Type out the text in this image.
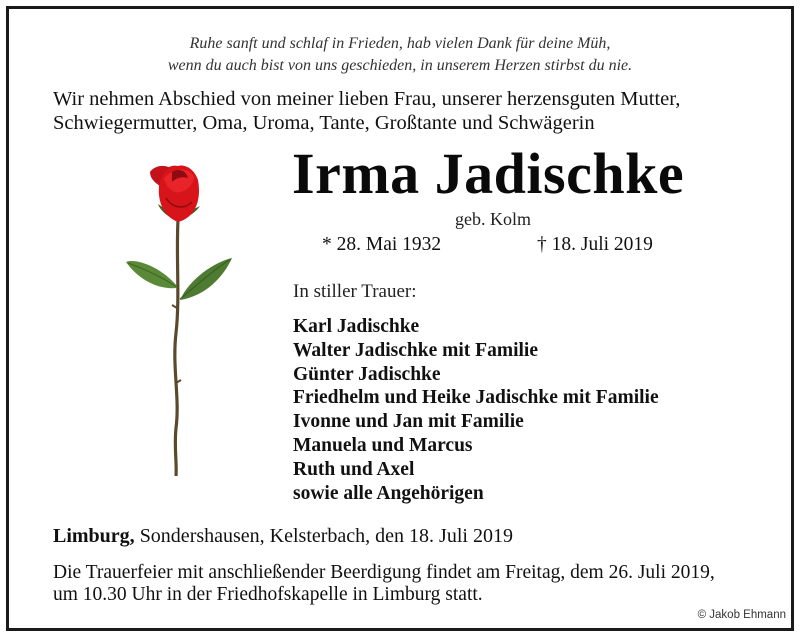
Ruhe sanft und schlaf in Frieden, hab vielen Dank für deine Müh,
wenn du auch bist von uns geschieden, in unserem Herzen stirbst du nie.
Wir nehmen Abschied von meiner lieben Frau, unserer herzensguten Mutter,
Schwiegermutter, Oma, Uroma, Tante, Großtante und Schwägerin
Irma Jadischke
geb. Kolm
* 28. Mai 1932	† 18. Juli 2019
In stiller Trauer:
Karl Jadischke
Walter Jadischke mit Familie
Günter Jadischke
Friedhelm und Heike Jadischke mit Familie
Ivonne und Jan mit Familie
Manuela und Marcus
Ruth und Axel
sowie alle Angehörigen
Limburg, Sondershausen, Kelsterbach, den 18. Juli 2019
Die Trauerfeier mit anschließender Beerdigung findet am Freitag, dem 26. Juli 2019,
um 10.30 Uhr in der Friedhofskapelle in Limburg statt.
© Jakob Ehmann
